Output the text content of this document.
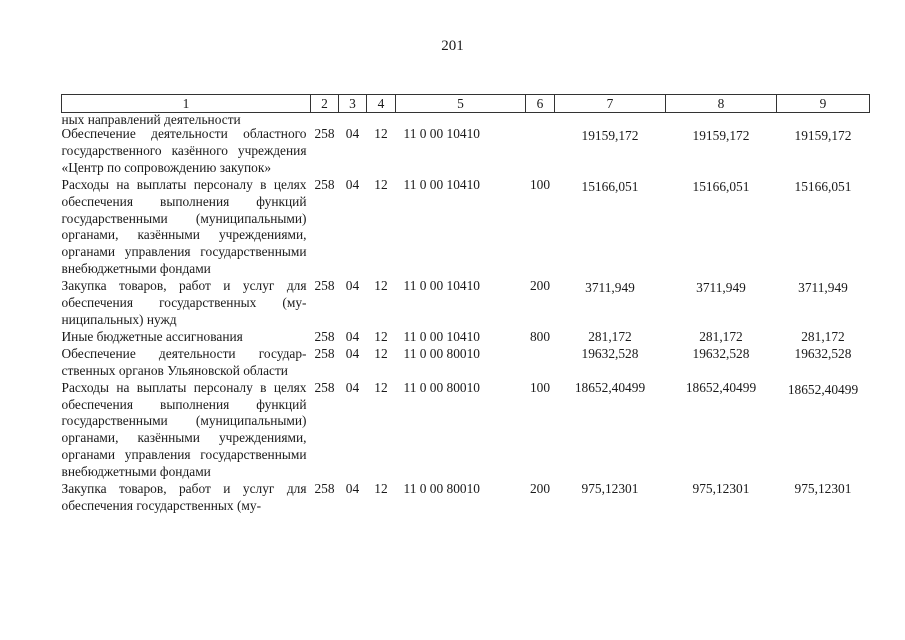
201
1	2	3	4	5	6	7	8	9
ных направлений деятельности								
Обеспечение деятельности областного государственного казённого учреждения «Центр по сопровождению закупок»	258	04	12	11 0 00 10410		19159,172	19159,172	19159,172
Расходы на выплаты персоналу в целях обеспечения выполнения функций государственными (муниципальными) органами, казёнными учреждениями, органами управления государственными внебюджетными фондами	258	04	12	11 0 00 10410	100	15166,051	15166,051	15166,051
Закупка товаров, работ и услуг для обеспечения государственных (муниципальных) нужд	258	04	12	11 0 00 10410	200	3711,949	3711,949	3711,949
Иные бюджетные ассигнования	258	04	12	11 0 00 10410	800	281,172	281,172	281,172
Обеспечение деятельности государственных органов Ульяновской области	258	04	12	11 0 00 80010		19632,528	19632,528	19632,528
Расходы на выплаты персоналу в целях обеспечения выполнения функций государственными (муниципальными) органами, казёнными учреждениями, органами управления государственными внебюджетными фондами	258	04	12	11 0 00 80010	100	18652,40499	18652,40499	18652,40499
Закупка товаров, работ и услуг для обеспечения государственных (му-	258	04	12	11 0 00 80010	200	975,12301	975,12301	975,12301
